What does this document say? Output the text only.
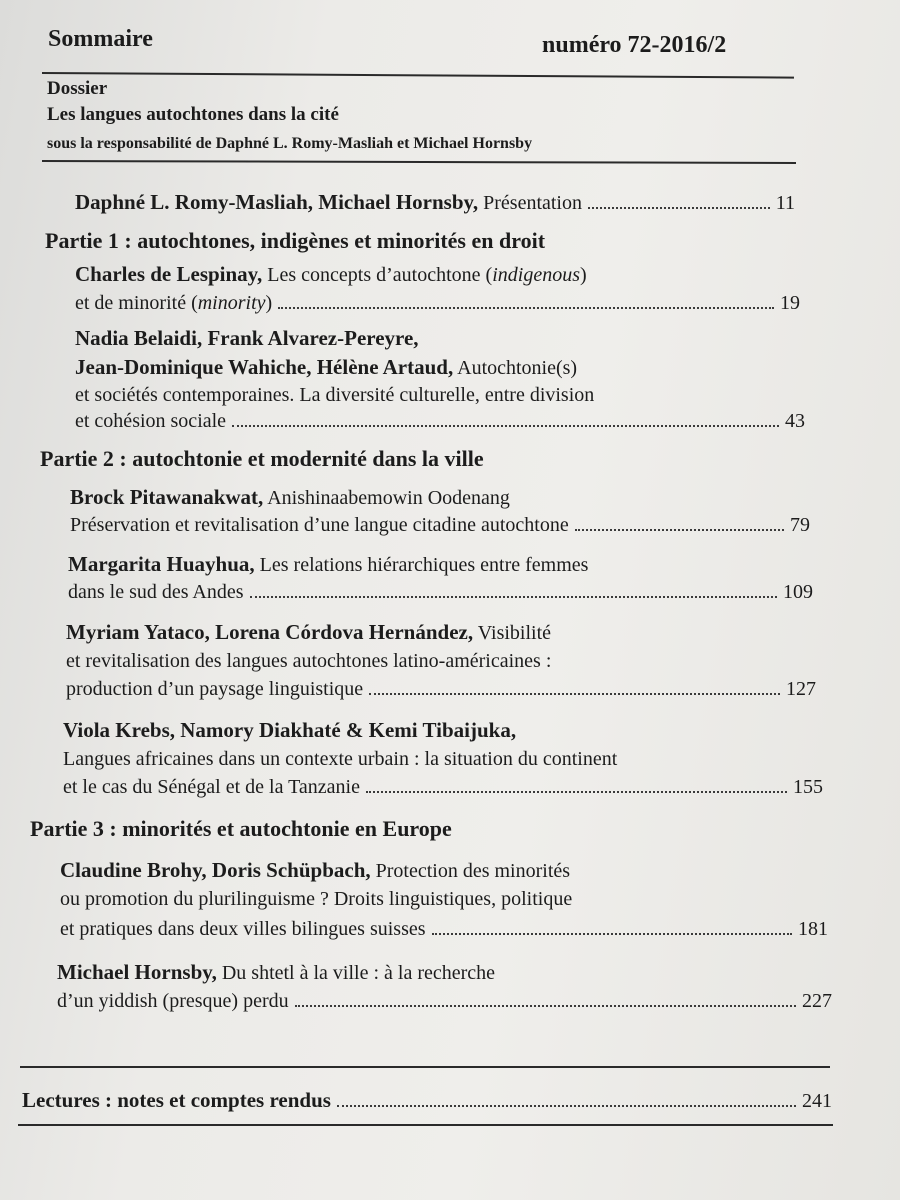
Sommaire	numéro 72-2016/2
Dossier
Les langues autochtones dans la cité
sous la responsabilité de Daphné L. Romy-Masliah et Michael Hornsby
Daphné L. Romy-Masliah, Michael Hornsby, Présentation	11
Partie 1 : autochtones, indigènes et minorités en droit
Charles de Lespinay, Les concepts d’autochtone (indigenous)
et de minorité (minority)	19
Nadia Belaidi, Frank Alvarez-Pereyre,
Jean-Dominique Wahiche, Hélène Artaud, Autochtonie(s)
et sociétés contemporaines. La diversité culturelle, entre division
et cohésion sociale	43
Partie 2 : autochtonie et modernité dans la ville
Brock Pitawanakwat, Anishinaabemowin Oodenang
Préservation et revitalisation d’une langue citadine autochtone	79
Margarita Huayhua, Les relations hiérarchiques entre femmes
dans le sud des Andes	109
Myriam Yataco, Lorena Córdova Hernández, Visibilité
et revitalisation des langues autochtones latino-américaines :
production d’un paysage linguistique	127
Viola Krebs, Namory Diakhaté & Kemi Tibaijuka,
Langues africaines dans un contexte urbain : la situation du continent
et le cas du Sénégal et de la Tanzanie	155
Partie 3 : minorités et autochtonie en Europe
Claudine Brohy, Doris Schüpbach, Protection des minorités
ou promotion du plurilinguisme ? Droits linguistiques, politique
et pratiques dans deux villes bilingues suisses	181
Michael Hornsby, Du shtetl à la ville : à la recherche
d’un yiddish (presque) perdu	227
Lectures : notes et comptes rendus	241
